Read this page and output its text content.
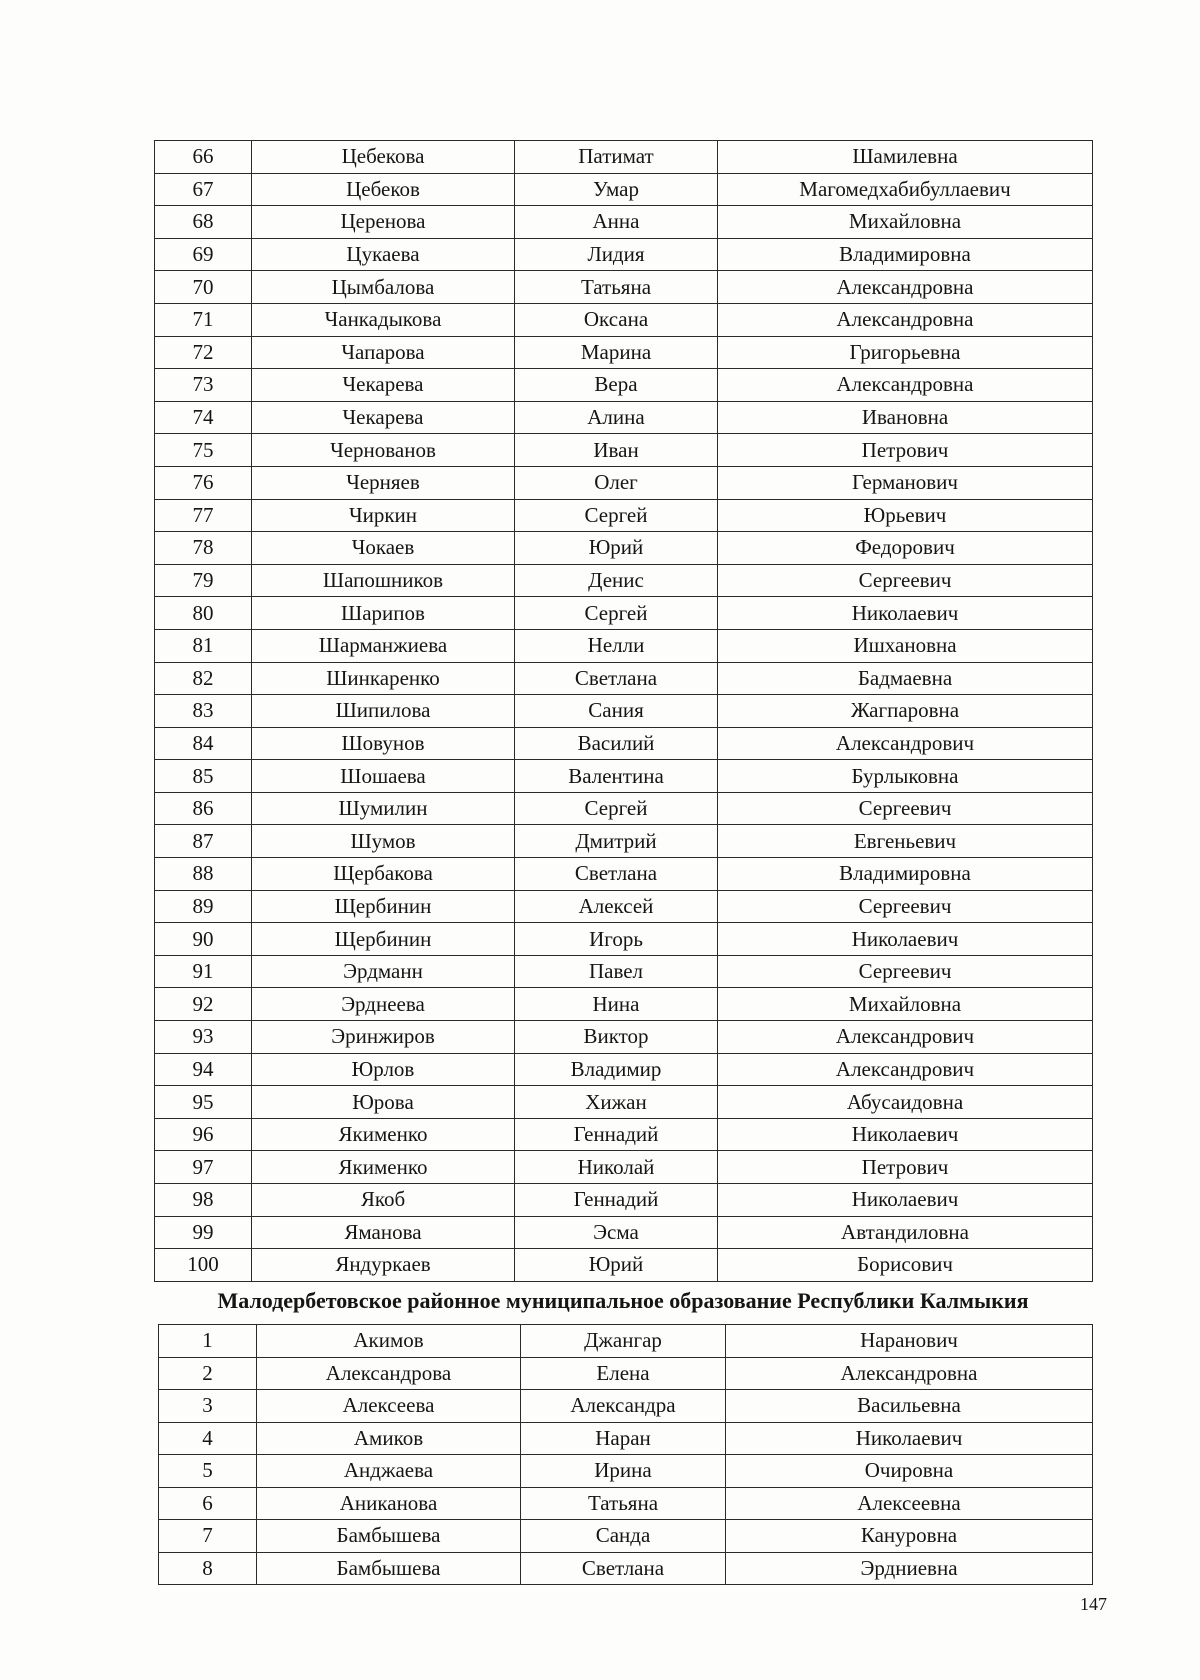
66	Цебекова	Патимат	Шамилевна
67	Цебеков	Умар	Магомедхабибуллаевич
68	Церенова	Анна	Михайловна
69	Цукаева	Лидия	Владимировна
70	Цымбалова	Татьяна	Александровна
71	Чанкадыкова	Оксана	Александровна
72	Чапарова	Марина	Григорьевна
73	Чекарева	Вера	Александровна
74	Чекарева	Алина	Ивановна
75	Чернованов	Иван	Петрович
76	Черняев	Олег	Германович
77	Чиркин	Сергей	Юрьевич
78	Чокаев	Юрий	Федорович
79	Шапошников	Денис	Сергеевич
80	Шарипов	Сергей	Николаевич
81	Шарманжиева	Нелли	Ишхановна
82	Шинкаренко	Светлана	Бадмаевна
83	Шипилова	Сания	Жагпаровна
84	Шовунов	Василий	Александрович
85	Шошаева	Валентина	Бурлыковна
86	Шумилин	Сергей	Сергеевич
87	Шумов	Дмитрий	Евгеньевич
88	Щербакова	Светлана	Владимировна
89	Щербинин	Алексей	Сергеевич
90	Щербинин	Игорь	Николаевич
91	Эрдманн	Павел	Сергеевич
92	Эрднеева	Нина	Михайловна
93	Эринжиров	Виктор	Александрович
94	Юрлов	Владимир	Александрович
95	Юрова	Хижан	Абусаидовна
96	Якименко	Геннадий	Николаевич
97	Якименко	Николай	Петрович
98	Якоб	Геннадий	Николаевич
99	Яманова	Эсма	Автандиловна
100	Яндуркаев	Юрий	Борисович
Малодербетовское районное муниципальное образование Республики Калмыкия
1	Акимов	Джангар	Наранович
2	Александрова	Елена	Александровна
3	Алексеева	Александра	Васильевна
4	Амиков	Наран	Николаевич
5	Анджаева	Ирина	Очировна
6	Аниканова	Татьяна	Алексеевна
7	Бамбышева	Санда	Кануровна
8	Бамбышева	Светлана	Эрдниевна
147
